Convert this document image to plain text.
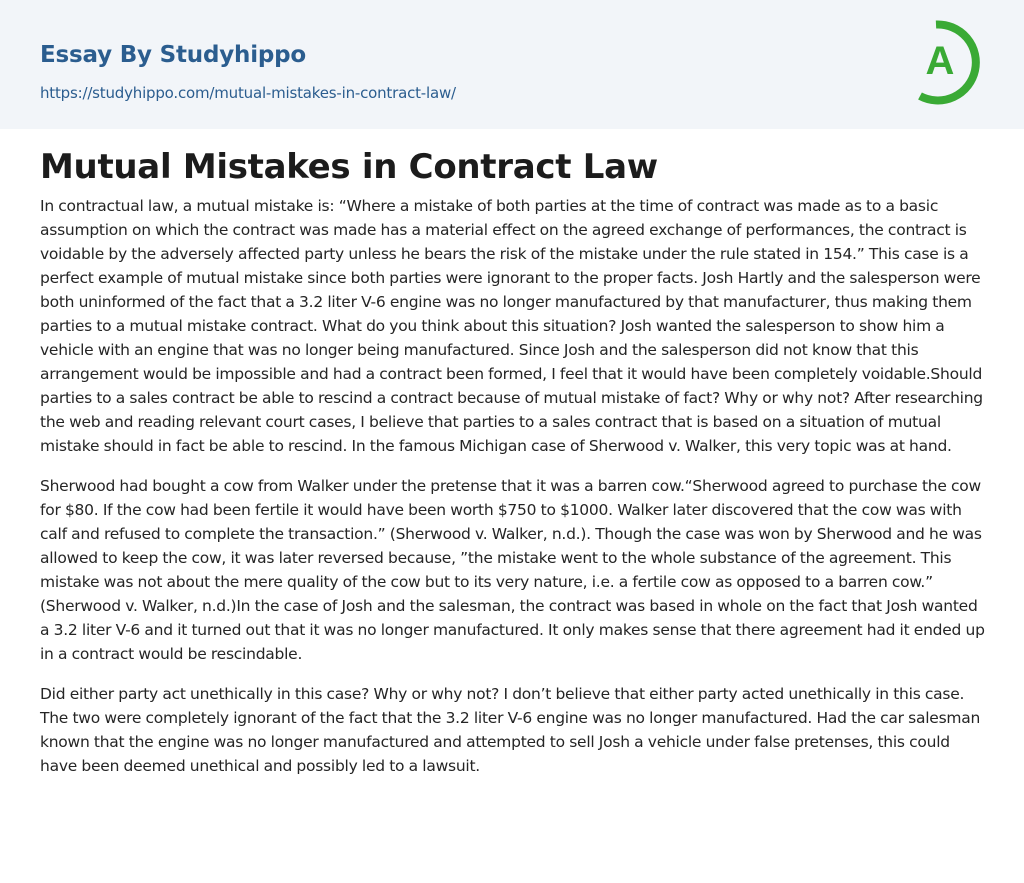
Essay By Studyhippo
https://studyhippo.com/mutual-mistakes-in-contract-law/
A
Mutual Mistakes in Contract Law

In contractual law, a mutual mistake is: “Where a mistake of both parties at the time of contract was made as to a basic assumption on which the contract was made has a material effect on the agreed exchange of performances, the contract is voidable by the adversely affected party unless he bears the risk of the mistake under the rule stated in 154.” This case is a perfect example of mutual mistake since both parties were ignorant to the proper facts. Josh Hartly and the salesperson were both uninformed of the fact that a 3.2 liter V-6 engine was no longer manufactured by that manufacturer, thus making them parties to a mutual mistake contract. What do you think about this situation? Josh wanted the salesperson to show him a vehicle with an engine that was no longer being manufactured. Since Josh and the salesperson did not know that this arrangement would be impossible and had a contract been formed, I feel that it would have been completely voidable.Should parties to a sales contract be able to rescind a contract because of mutual mistake of fact? Why or why not? After researching the web and reading relevant court cases, I believe that parties to a sales contract that is based on a situation of mutual mistake should in fact be able to rescind. In the famous Michigan case of Sherwood v. Walker, this very topic was at hand.

Sherwood had bought a cow from Walker under the pretense that it was a barren cow.“Sherwood agreed to purchase the cow for $80. If the cow had been fertile it would have been worth $750 to $1000. Walker later discovered that the cow was with calf and refused to complete the transaction.” (Sherwood v. Walker, n.d.). Though the case was won by Sherwood and he was allowed to keep the cow, it was later reversed because, ”the mistake went to the whole substance of the agreement. This mistake was not about the mere quality of the cow but to its very nature, i.e. a fertile cow as opposed to a barren cow.” (Sherwood v. Walker, n.d.)In the case of Josh and the salesman, the contract was based in whole on the fact that Josh wanted a 3.2 liter V-6 and it turned out that it was no longer manufactured. It only makes sense that there agreement had it ended up in a contract would be rescindable.

Did either party act unethically in this case? Why or why not? I don’t believe that either party acted unethically in this case. The two were completely ignorant of the fact that the 3.2 liter V-6 engine was no longer manufactured. Had the car salesman known that the engine was no longer manufactured and attempted to sell Josh a vehicle under false pretenses, this could have been deemed unethical and possibly led to a lawsuit.
